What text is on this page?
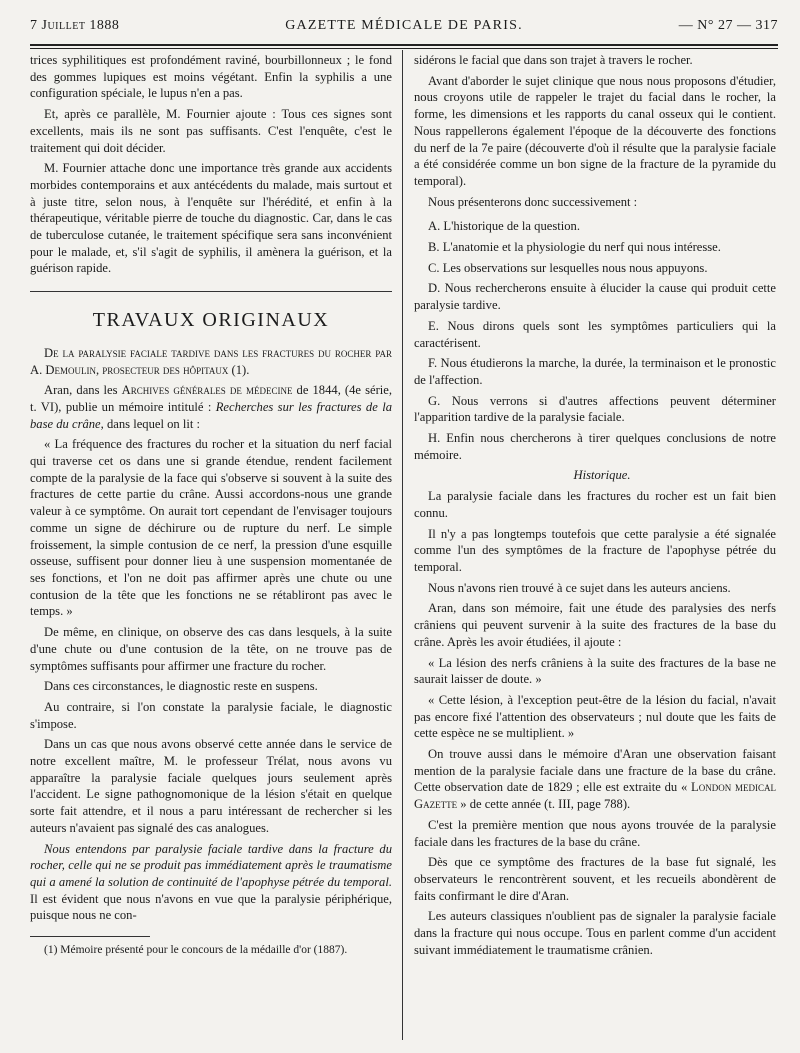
7 Juillet 1888	GAZETTE MÉDICALE DE PARIS.	— N° 27 — 317

trices syphilitiques est profondément raviné, bourbillonneux ; le fond des gommes lupiques est moins végétant. Enfin la syphilis a une configuration spéciale, le lupus n'en a pas.

Et, après ce parallèle, M. Fournier ajoute : Tous ces signes sont excellents, mais ils ne sont pas suffisants. C'est l'enquête, c'est le traitement qui doit décider.

M. Fournier attache donc une importance très grande aux accidents morbides contemporains et aux antécédents du malade, mais surtout et à juste titre, selon nous, à l'enquête sur l'hérédité, et enfin à la thérapeutique, véritable pierre de touche du diagnostic. Car, dans le cas de tuberculose cutanée, le traitement spécifique sera sans inconvénient pour le malade, et, s'il s'agit de syphilis, il amènera la guérison, et la guérison rapide.

TRAVAUX ORIGINAUX

De la paralysie faciale tardive dans les fractures du rocher par A. Demoulin, prosecteur des hôpitaux (1).

Aran, dans les Archives générales de médecine de 1844, (4e série, t. VI), publie un mémoire intitulé : Recherches sur les fractures de la base du crâne, dans lequel on lit :

« La fréquence des fractures du rocher et la situation du nerf facial qui traverse cet os dans une si grande étendue, rendent facilement compte de la paralysie de la face qui s'observe si souvent à la suite des fractures de cette partie du crâne. Aussi accordons-nous une grande valeur à ce symptôme. On aurait tort cependant de l'envisager toujours comme un signe de déchirure ou de rupture du nerf. Le simple froissement, la simple contusion de ce nerf, la pression d'une esquille osseuse, suffisent pour donner lieu à une suspension momentanée de ses fonctions, et l'on ne doit pas affirmer après une chute ou une contusion de la tête que les fonctions ne se rétabliront pas avec le temps. »

De même, en clinique, on observe des cas dans lesquels, à la suite d'une chute ou d'une contusion de la tête, on ne trouve pas de symptômes suffisants pour affirmer une fracture du rocher.

Dans ces circonstances, le diagnostic reste en suspens.

Au contraire, si l'on constate la paralysie faciale, le diagnostic s'impose.

Dans un cas que nous avons observé cette année dans le service de notre excellent maître, M. le professeur Trélat, nous avons vu apparaître la paralysie faciale quelques jours seulement après l'accident. Le signe pathognomonique de la lésion s'était en quelque sorte fait attendre, et il nous a paru intéressant de rechercher si les auteurs n'avaient pas signalé des cas analogues.

Nous entendons par paralysie faciale tardive dans la fracture du rocher, celle qui ne se produit pas immédiatement après le traumatisme qui a amené la solution de continuité de l'apophyse pétrée du temporal. Il est évident que nous n'avons en vue que la paralysie périphérique, puisque nous ne con-

(1) Mémoire présenté pour le concours de la médaille d'or (1887).

sidérons le facial que dans son trajet à travers le rocher.

Avant d'aborder le sujet clinique que nous nous proposons d'étudier, nous croyons utile de rappeler le trajet du facial dans le rocher, la forme, les dimensions et les rapports du canal osseux qui le contient. Nous rappellerons également l'époque de la découverte des fonctions du nerf de la 7e paire (découverte d'où il résulte que la paralysie faciale a été considérée comme un bon signe de la fracture de la pyramide du temporal).

Nous présenterons donc successivement :

A. L'historique de la question.

B. L'anatomie et la physiologie du nerf qui nous intéresse.

C. Les observations sur lesquelles nous nous appuyons.

D. Nous rechercherons ensuite à élucider la cause qui produit cette paralysie tardive.

E. Nous dirons quels sont les symptômes particuliers qui la caractérisent.

F. Nous étudierons la marche, la durée, la terminaison et le pronostic de l'affection.

G. Nous verrons si d'autres affections peuvent déterminer l'apparition tardive de la paralysie faciale.

H. Enfin nous chercherons à tirer quelques conclusions de notre mémoire.

Historique.

La paralysie faciale dans les fractures du rocher est un fait bien connu.

Il n'y a pas longtemps toutefois que cette paralysie a été signalée comme l'un des symptômes de la fracture de l'apophyse pétrée du temporal.

Nous n'avons rien trouvé à ce sujet dans les auteurs anciens.

Aran, dans son mémoire, fait une étude des paralysies des nerfs crâniens qui peuvent survenir à la suite des fractures de la base du crâne. Après les avoir étudiées, il ajoute :

« La lésion des nerfs crâniens à la suite des fractures de la base ne saurait laisser de doute. »

« Cette lésion, à l'exception peut-être de la lésion du facial, n'avait pas encore fixé l'attention des observateurs ; nul doute que les faits de cette espèce ne se multiplient. »

On trouve aussi dans le mémoire d'Aran une observation faisant mention de la paralysie faciale dans une fracture de la base du crâne. Cette observation date de 1829 ; elle est extraite du « London medical Gazette » de cette année (t. III, page 788).

C'est la première mention que nous ayons trouvée de la paralysie faciale dans les fractures de la base du crâne.

Dès que ce symptôme des fractures de la base fut signalé, les observateurs le rencontrèrent souvent, et les recueils abondèrent de faits confirmant le dire d'Aran.

Les auteurs classiques n'oublient pas de signaler la paralysie faciale dans la fracture qui nous occupe. Tous en parlent comme d'un accident suivant immédiatement le traumatisme crânien.
